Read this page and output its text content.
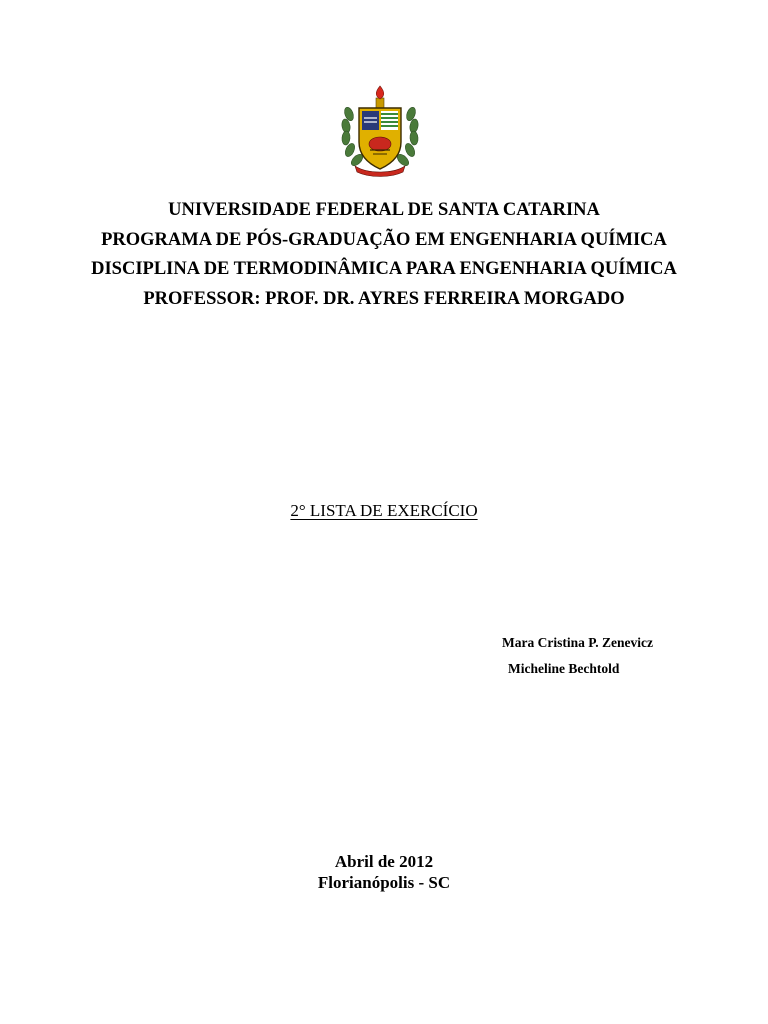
UNIVERSIDADE FEDERAL DE SANTA CATARINA
PROGRAMA DE PÓS-GRADUAÇÃO EM ENGENHARIA QUÍMICA
DISCIPLINA DE TERMODINÂMICA PARA ENGENHARIA QUÍMICA
PROFESSOR: PROF. DR. AYRES FERREIRA MORGADO
2° LISTA DE EXERCÍCIO
Mara Cristina P. Zenevicz
Micheline Bechtold
Abril de 2012
Florianópolis - SC
